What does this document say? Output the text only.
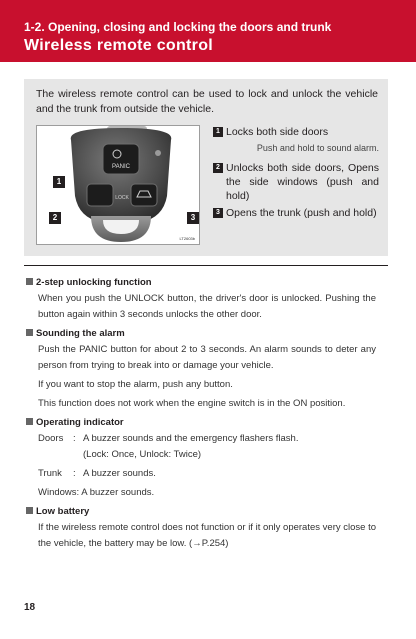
1-2. Opening, closing and locking the doors and trunk
Wireless remote control
The wireless remote control can be used to lock and unlock the vehicle and the trunk from outside the vehicle.
PANIC
LOCK
1
2	3
LT2603b
1 Locks both side doors
Push and hold to sound alarm.
2 Unlocks both side doors, Opens the side windows (push and hold)
3 Opens the trunk (push and hold)
2-step unlocking function
When you push the UNLOCK button, the driver's door is unlocked. Pushing the button again within 3 seconds unlocks the other door.
Sounding the alarm
Push the PANIC button for about 2 to 3 seconds. An alarm sounds to deter any person from trying to break into or damage your vehicle.
If you want to stop the alarm, push any button.
This function does not work when the engine switch is in the ON position.
Operating indicator
Doors	: A buzzer sounds and the emergency flashers flash.
(Lock: Once, Unlock: Twice)
Trunk	: A buzzer sounds.
Windows: A buzzer sounds.
Low battery
If the wireless remote control does not function or if it only operates very close to the vehicle, the battery may be low. (→P.254)
18
